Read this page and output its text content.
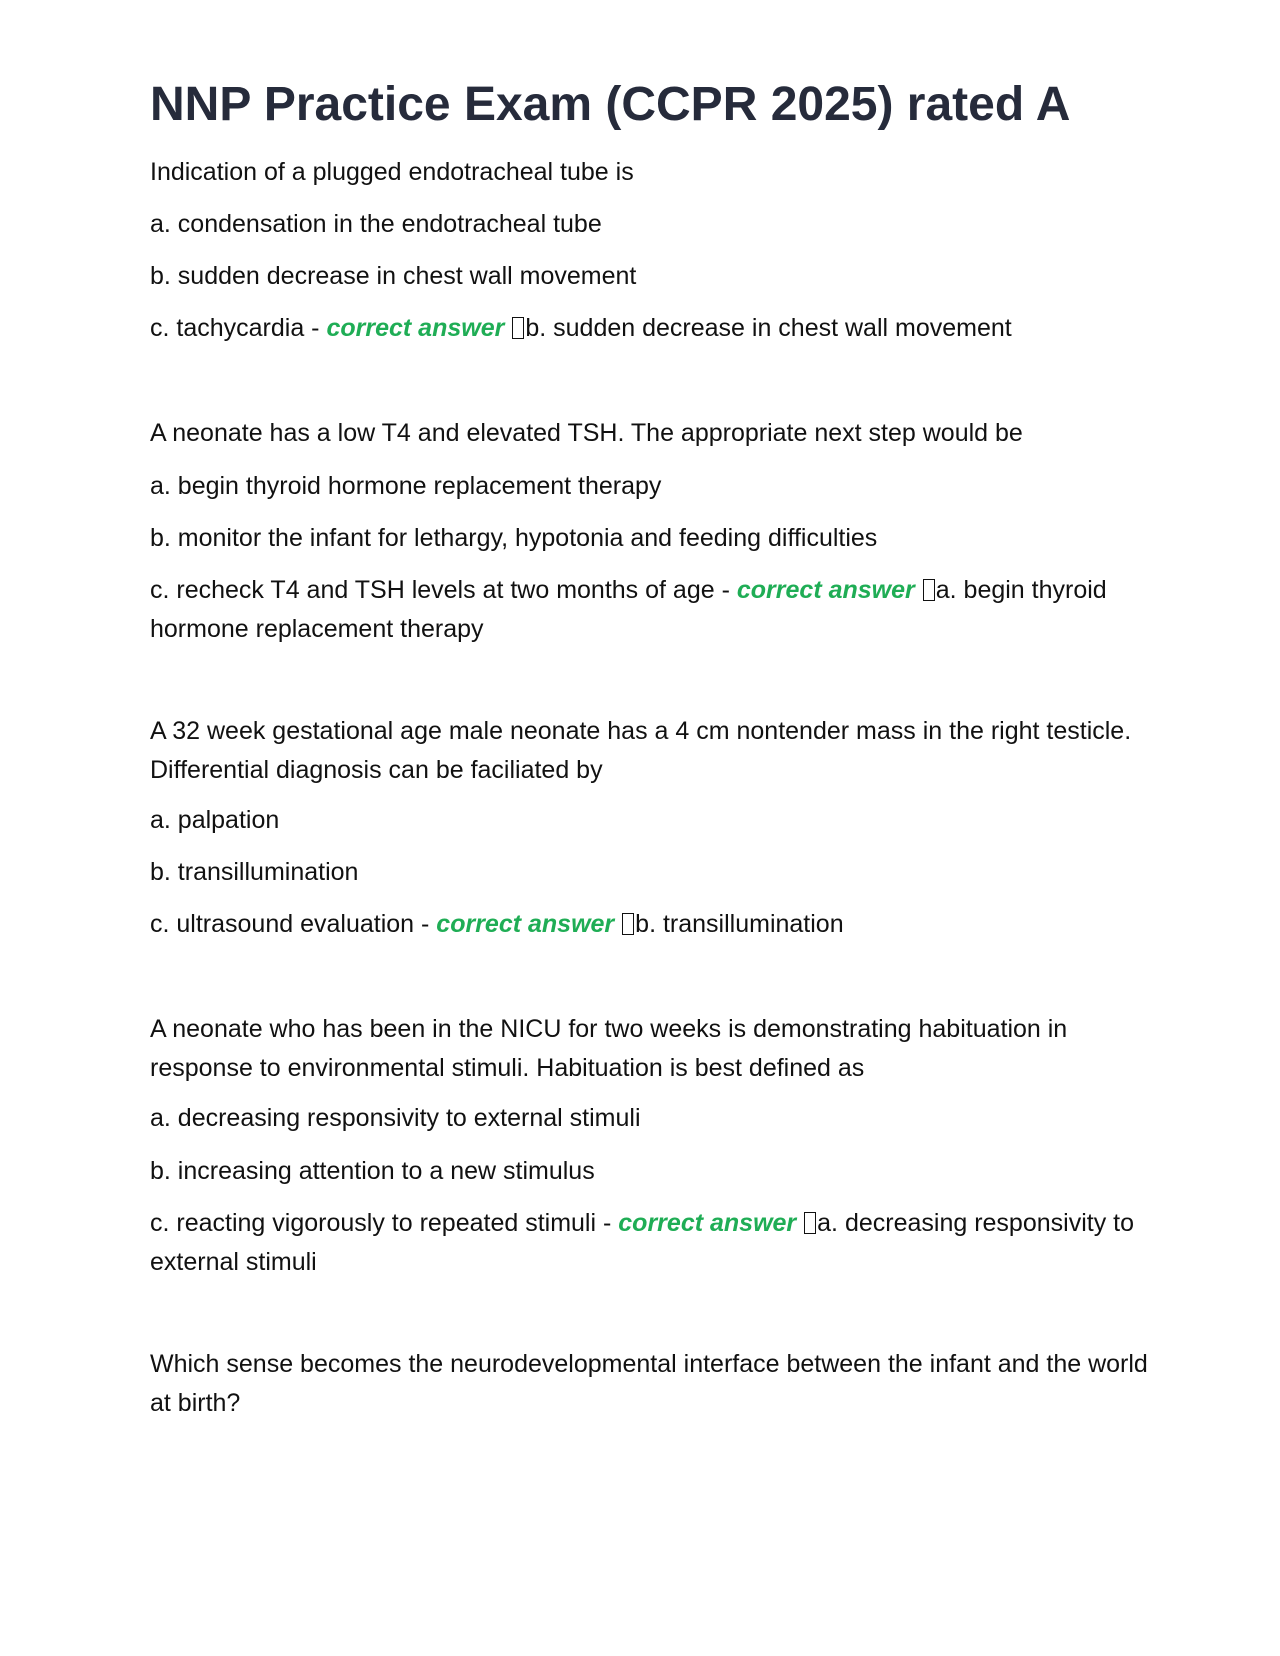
NNP Practice Exam (CCPR 2025) rated A

Indication of a plugged endotracheal tube is

a. condensation in the endotracheal tube

b. sudden decrease in chest wall movement

c. tachycardia - correct answer b. sudden decrease in chest wall movement

A neonate has a low T4 and elevated TSH. The appropriate next step would be

a. begin thyroid hormone replacement therapy

b. monitor the infant for lethargy, hypotonia and feeding difficulties

c. recheck T4 and TSH levels at two months of age - correct answer a. begin thyroid hormone replacement therapy

A 32 week gestational age male neonate has a 4 cm nontender mass in the right testicle. Differential diagnosis can be faciliated by

a. palpation

b. transillumination

c. ultrasound evaluation - correct answer b. transillumination

A neonate who has been in the NICU for two weeks is demonstrating habituation in response to environmental stimuli. Habituation is best defined as

a. decreasing responsivity to external stimuli

b. increasing attention to a new stimulus

c. reacting vigorously to repeated stimuli - correct answer a. decreasing responsivity to external stimuli

Which sense becomes the neurodevelopmental interface between the infant and the world at birth?
